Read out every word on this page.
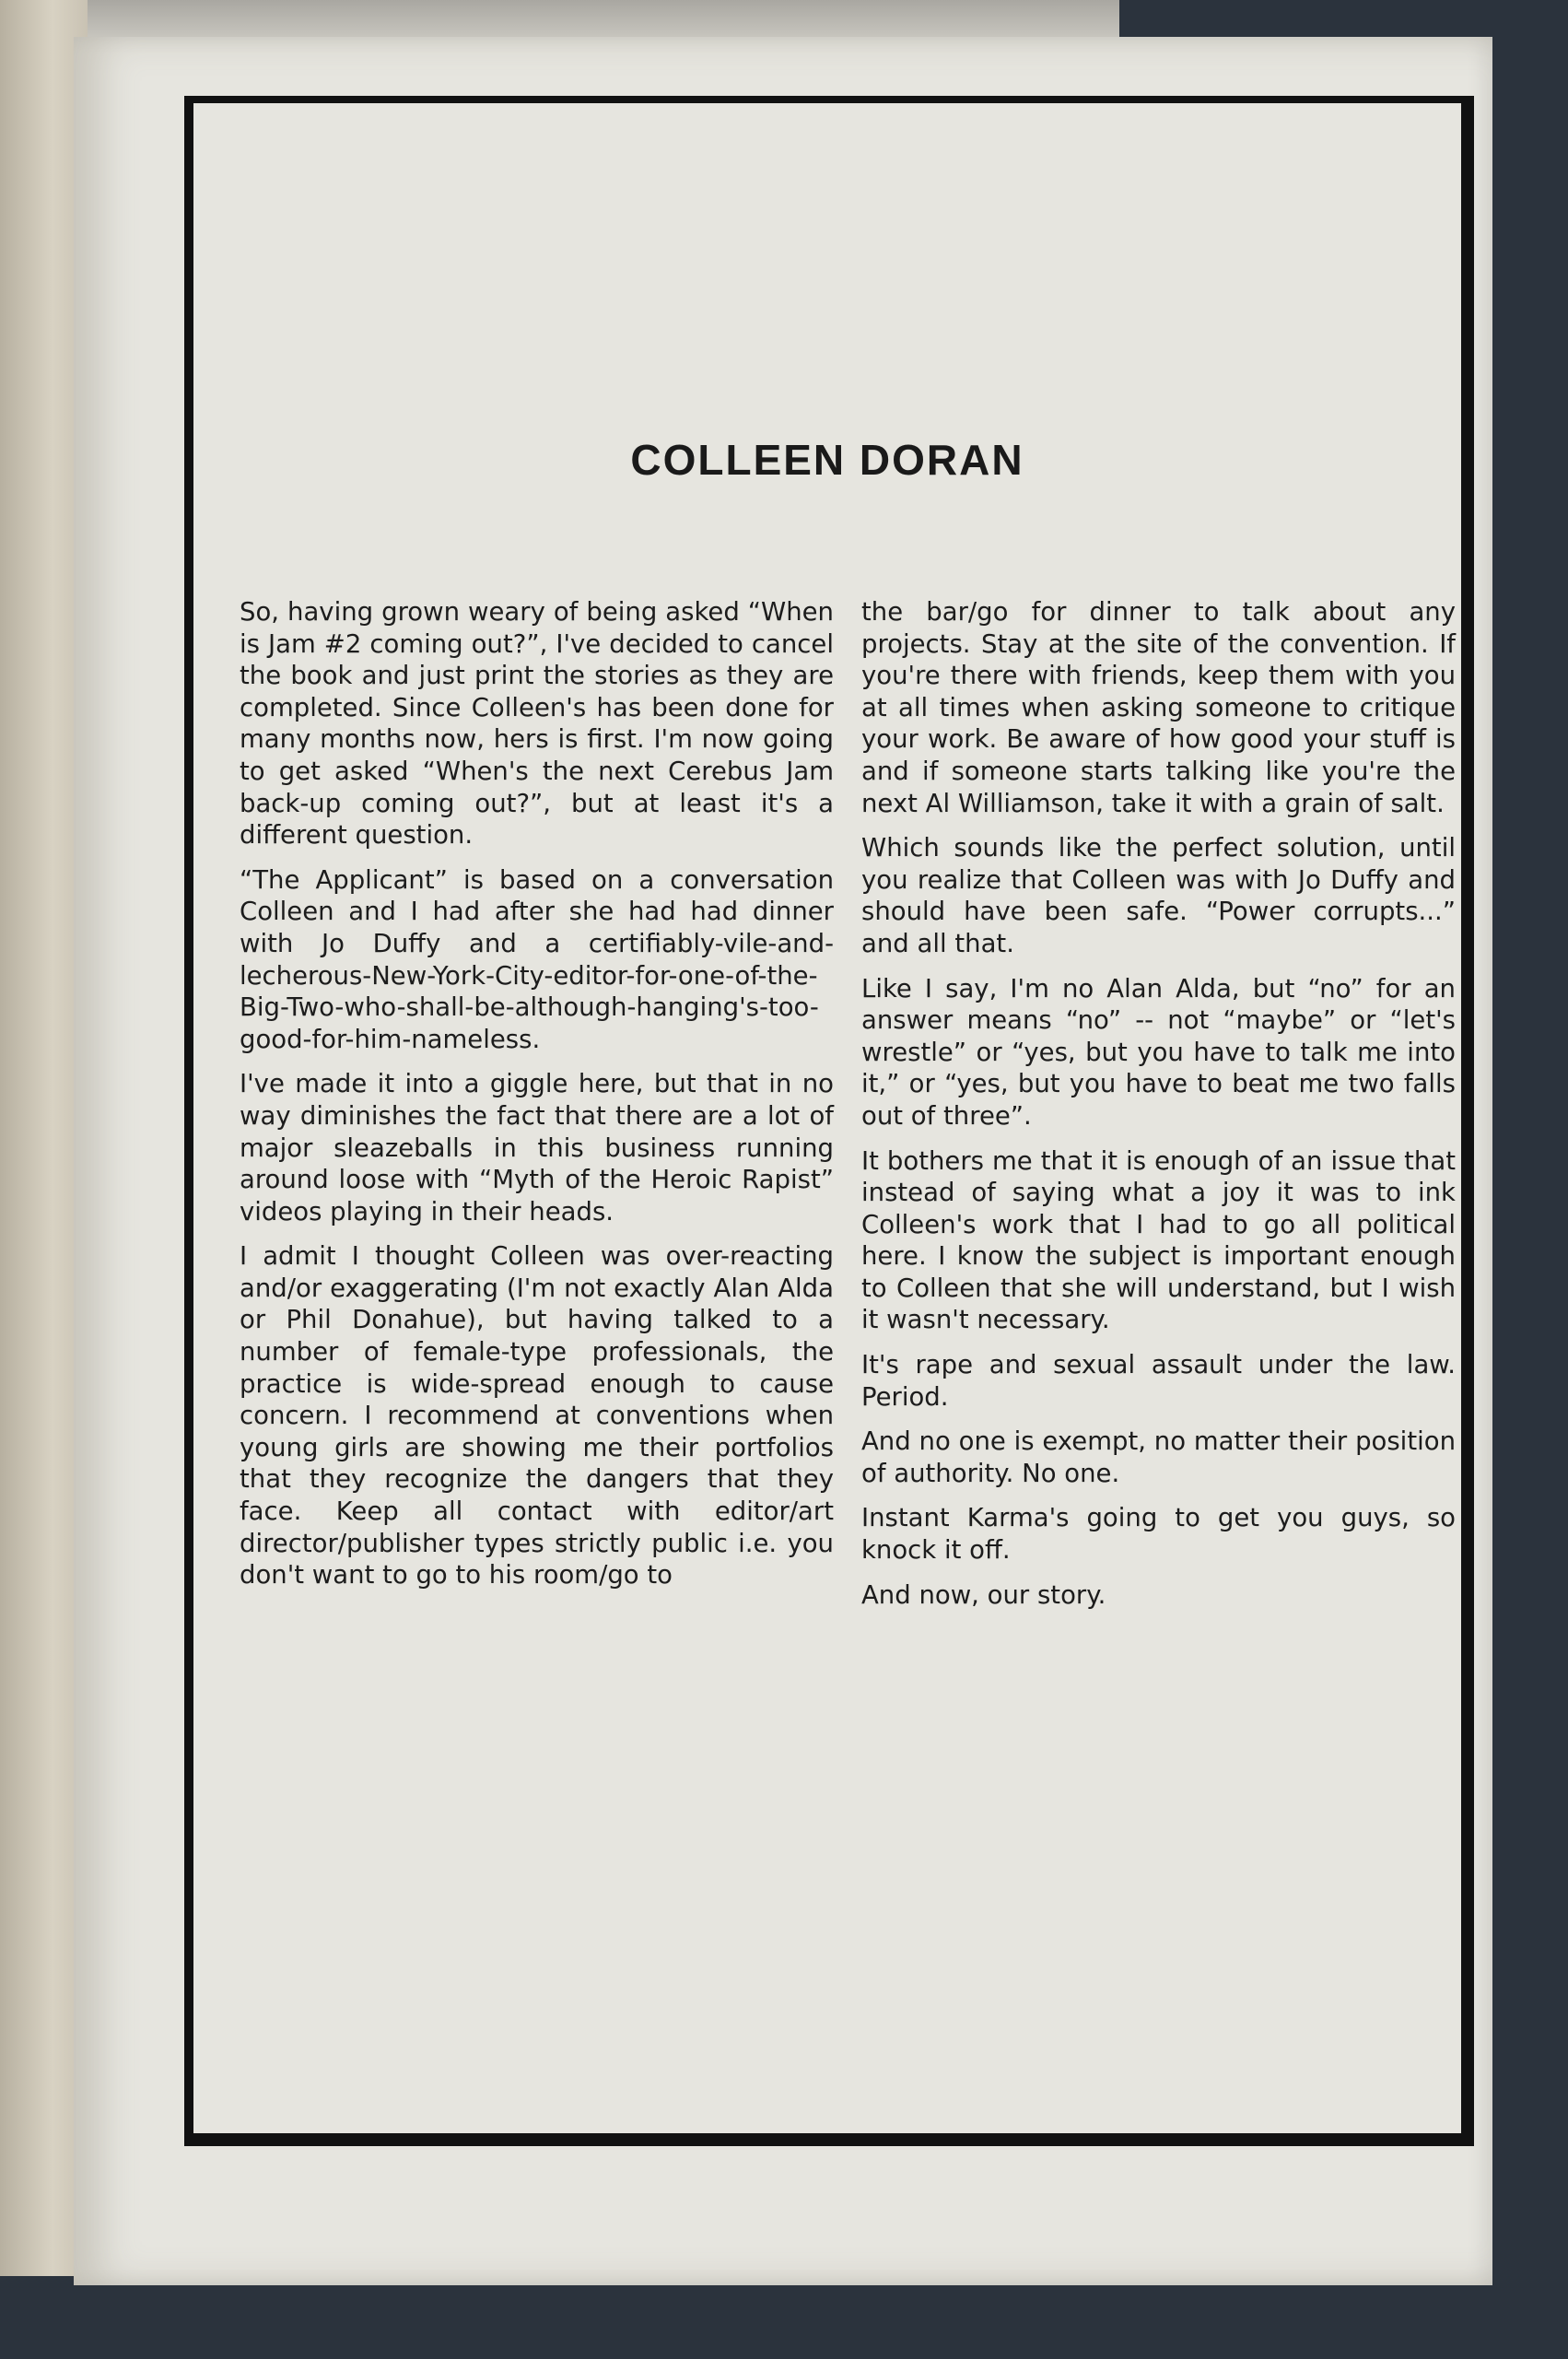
COLLEEN DORAN

So, having grown weary of being asked “When is Jam #2 coming out?”, I've decided to cancel the book and just print the stories as they are completed. Since Colleen's has been done for many months now, hers is first. I'm now going to get asked “When's the next Cerebus Jam back-up coming out?”, but at least it's a different question.

“The Applicant” is based on a conversation Colleen and I had after she had had dinner with Jo Duffy and a certifiably-vile-and-lecherous-New-York-City-editor-for-one-of-the-Big-Two-who-shall-be-although-hanging's-too-good-for-him-nameless.

I've made it into a giggle here, but that in no way diminishes the fact that there are a lot of major sleazeballs in this business running around loose with “Myth of the Heroic Rapist” videos playing in their heads.

I admit I thought Colleen was over-reacting and/or exaggerating (I'm not exactly Alan Alda or Phil Donahue), but having talked to a number of female-type professionals, the practice is wide-spread enough to cause concern. I recommend at conventions when young girls are showing me their portfolios that they recognize the dangers that they face. Keep all contact with editor/art director/publisher types strictly public i.e. you don't want to go to his room/go to

the bar/go for dinner to talk about any projects. Stay at the site of the convention. If you're there with friends, keep them with you at all times when asking someone to critique your work. Be aware of how good your stuff is and if someone starts talking like you're the next Al Williamson, take it with a grain of salt.

Which sounds like the perfect solution, until you realize that Colleen was with Jo Duffy and should have been safe. “Power corrupts...” and all that.

Like I say, I'm no Alan Alda, but “no” for an answer means “no” -- not “maybe” or “let's wrestle” or “yes, but you have to talk me into it,” or “yes, but you have to beat me two falls out of three”.

It bothers me that it is enough of an issue that instead of saying what a joy it was to ink Colleen's work that I had to go all political here. I know the subject is important enough to Colleen that she will understand, but I wish it wasn't necessary.

It's rape and sexual assault under the law. Period.

And no one is exempt, no matter their position of authority. No one.

Instant Karma's going to get you guys, so knock it off.

And now, our story.
